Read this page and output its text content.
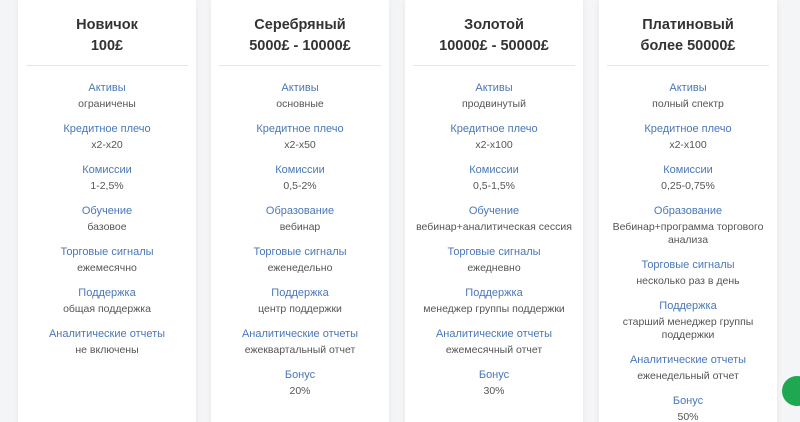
Новичок
100£
Активы
ограничены
Кредитное плечо
x2-x20
Комиссии
1-2,5%
Обучение
базовое
Торговые сигналы
ежемесячно
Поддержка
общая поддержка
Аналитические отчеты
не включены
Серебряный
5000£ - 10000£
Активы
основные
Кредитное плечо
x2-x50
Комиссии
0,5-2%
Образование
вебинар
Торговые сигналы
еженедельно
Поддержка
центр поддержки
Аналитические отчеты
ежеквартальный отчет
Бонус
20%
Золотой
10000£ - 50000£
Активы
продвинутый
Кредитное плечо
x2-x100
Комиссии
0,5-1,5%
Обучение
вебинар+аналитическая сессия
Торговые сигналы
ежедневно
Поддержка
менеджер группы поддержки
Аналитические отчеты
ежемесячный отчет
Бонус
30%
Платиновый
более 50000£
Активы
полный спектр
Кредитное плечо
x2-x100
Комиссии
0,25-0,75%
Образование
Вебинар+программа торгового анализа
Торговые сигналы
несколько раз в день
Поддержка
старший менеджер группы поддержки
Аналитические отчеты
еженедельный отчет
Бонус
50%
